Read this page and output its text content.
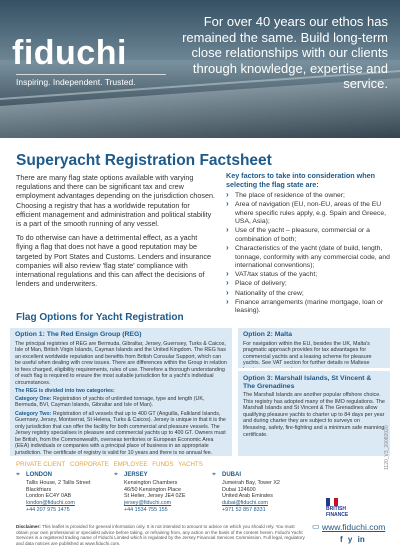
fiduchi
Inspiring. Independent. Trusted.
For over 40 years our ethos has remained the same. Build long-term close relationships with our clients through knowledge, expertise and service.
Superyacht Registration Factsheet

There are many flag state options available with varying regulations and there can be significant tax and crew employment advantages depending on the jurisdiction chosen. Choosing a registry that has a worldwide reputation for efficient management and administration and political stability is a part of the smooth running of any vessel.

To do otherwise can have a detrimental effect, as a yacht flying a flag that does not have a good reputation may be targeted by Port States and Customs. Lenders and insurance companies will also review 'flag state' compliance with international regulations and this can affect the decisions of lenders and underwriters.

Key factors to take into consideration when selecting the flag state are:
› The place of residence of the owner;
› Area of navigation (EU, non-EU, areas of the EU where specific rules apply, e.g. Spain and Greece, USA, Asia);
› Use of the yacht – pleasure, commercial or a combination of both;
› Characteristics of the yacht (date of build, length, tonnage, conformity with any commercial code, and international conventions);
› VAT/tax status of the yacht;
› Place of delivery;
› Nationality of the crew;
› Finance arrangements (marine mortgage, loan or leasing).
Flag Options for Yacht Registration
Option 1: The Red Ensign Group (REG)

The principal registries of REG are Bermuda, Gibraltar, Jersey, Guernsey, Turks & Caicos, Isle of Man, British Virgin Islands, Cayman Islands and the United Kingdom. The REG has an excellent worldwide reputation and benefits from British Consular Support, which can be useful when dealing with crew issues. There are differences within the Group in relation to fees charged, eligibility requirements, rules of use. Therefore a thorough understanding of each flag is required to ensure the most suitable jurisdiction for a yacht's individual circumstances.

The REG is divided into two categories:

Category One: Registration of yachts of unlimited tonnage, type and length (UK, Bermuda, BVI, Cayman Islands, Gibraltar and Isle of Man).

Category Two: Registration of all vessels that up to 400 GT (Anguilla, Falkland Islands, Guernsey, Jersey, Montserrat, St Helena, Turks & Caicos). Jersey is unique in that it is the only jurisdiction that can offer the facility for both commercial and pleasure vessels. The Jersey registry specialises in pleasure and commercial yachts up to 400 GT. Owners must be British, from the Commonwealth, overseas territories or European Economic Area (EEA) individuals or companies with a principal place of business in an appropriate jurisdiction. The certificate of registry is valid for 10 years and there is no annual fee.

Option 2: Malta

For navigation within the EU, besides the UK, Malta's pragmatic approach provides for tax advantages for commercial yachts and a leasing scheme for pleasure yachts. See VAT section for further details re Maltese

Option 3: Marshall Islands, St Vincent & The Grenadines

The Marshall Islands are another popular offshore choice. This registry has adopted many of the IMO regulations. The Marshall Islands and St Vincent & The Grenadines allow qualifying pleasure yachts to charter up to 84 days per year and during charter they are subject to surveys on lifesaving, safety, fire-fighting and a minimum safe manning certificate.

PRIVATE CLIENT CORPORATE EMPLOYEE FUNDS YACHTS
⌖ LONDON
Tallis House, 2 Tallis Street
Blackfriars
London EC4Y 0AB
london@fiduchi.com
+44 207 975 1475
⌖ JERSEY
Kensington Chambers
46/50 Kensington Place
St Helier, Jersey JE4 0ZE
jersey@fiduchi.com
+44 1534 755 155
⌖ DUBAI
Jumeirah Bay, Tower X2
Dubai 124600
United Arab Emirates
dubai@fiduchi.com
+971 52 857 8331	BRITISH FINANCE
▭ www.fiduchi.com
f y in
Disclaimer: This leaflet is provided for general information only. It is not intended to amount to advice on which you should rely. You must obtain your own professional or specialist advice before taking, or refraining from, any action on the basis of the content herein. Fiduchi Yacht Services is a registered trading name of Fiduchi Limited which is regulated by the Jersey Financial Services Commission. Full legal, regulatory and data notices are published at www.fiduchi.com.
1120_V3_20082020
